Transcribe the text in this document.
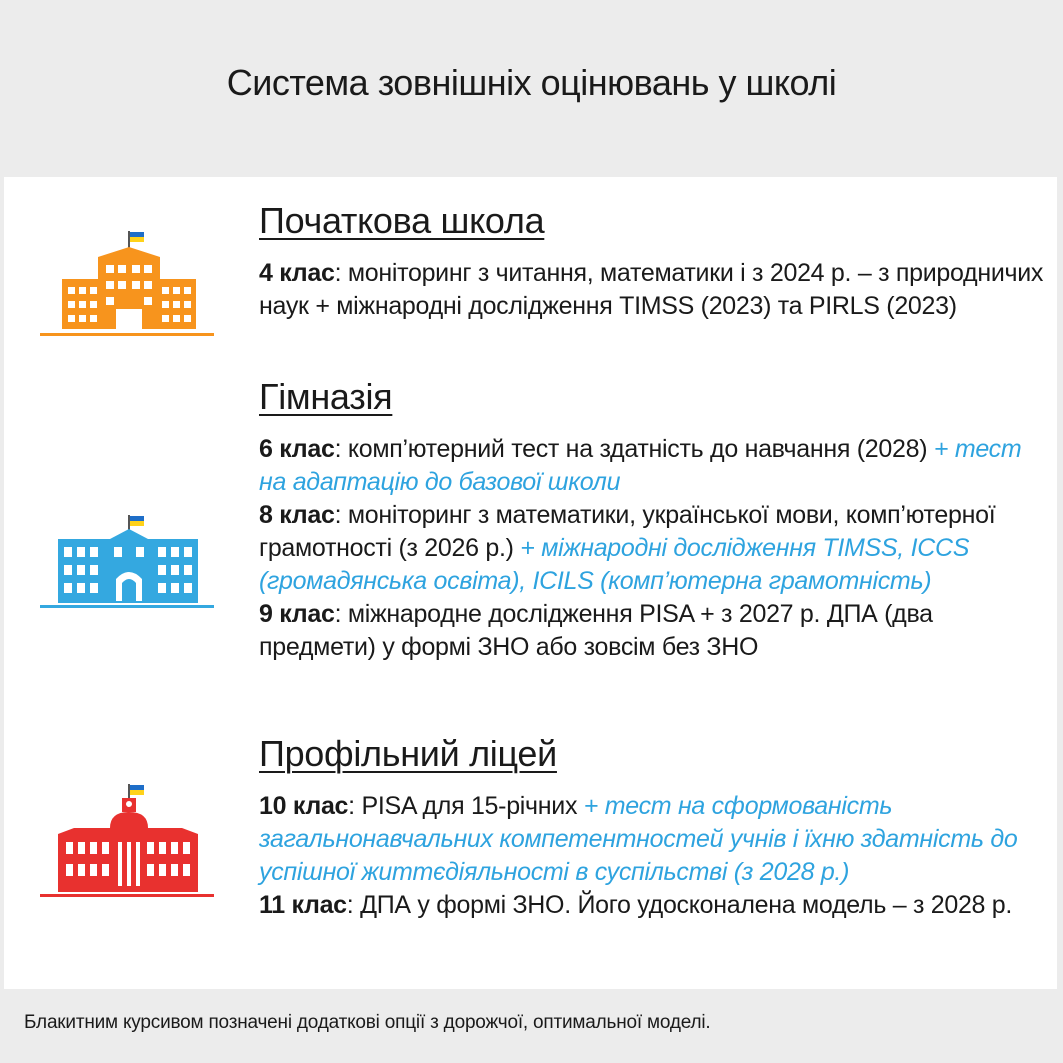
Система зовнішніх оцінювань у школі
Початкова школа

4 клас: моніторинг з читання, математики і з 2024 р. – з природничих наук + міжнародні дослідження TIMSS (2023) та PIRLS (2023)

Гімназія

6 клас: комп’ютерний тест на здатність до навчання (2028) + тест на адаптацію до базової школи

8 клас: моніторинг з математики, української мови, комп’ютерної грамотності (з 2026 р.) + міжнародні дослідження TIMSS, ICCS (громадянська освіта), ICILS (комп’ютерна грамотність)

9 клас: міжнародне дослідження PISA + з 2027 р. ДПА (два предмети) у формі ЗНО або зовсім без ЗНО

Профільний ліцей

10 клас: PISA для 15-річних + тест на сформованість загальнонавчальних компетентностей учнів і їхню здатність до успішної життєдіяльності в суспільстві (з 2028 р.)

11 клас: ДПА у формі ЗНО. Його удосконалена модель – з 2028 р.

Блакитним курсивом позначені додаткові опції з дорожчої, оптимальної моделі.
